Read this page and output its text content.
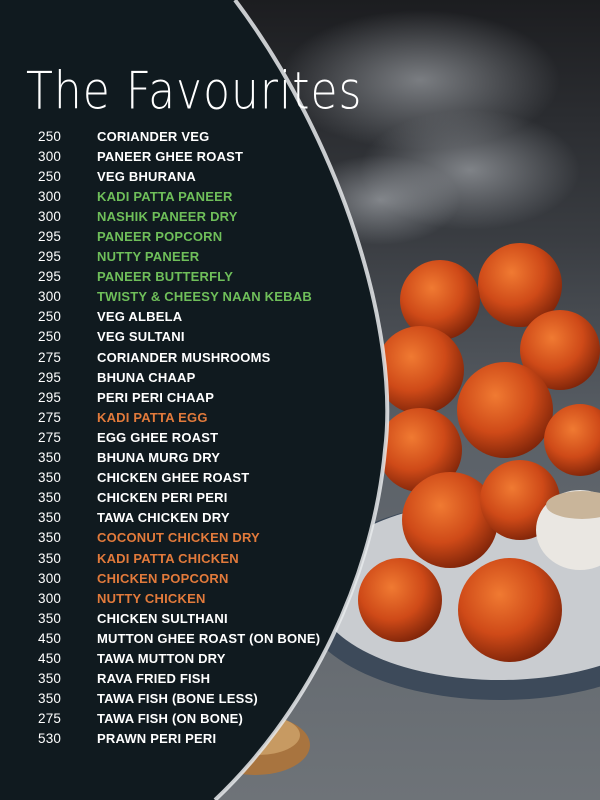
The Favourites
250	CORIANDER VEG
300	PANEER GHEE ROAST
250	VEG BHURANA
300	KADI PATTA PANEER
300	NASHIK PANEER DRY
295	PANEER POPCORN
295	NUTTY PANEER
295	PANEER BUTTERFLY
300	TWISTY & CHEESY NAAN KEBAB
250	VEG ALBELA
250	VEG SULTANI
275	CORIANDER MUSHROOMS
295	BHUNA CHAAP
295	PERI PERI CHAAP
275	KADI PATTA EGG
275	EGG GHEE ROAST
350	BHUNA MURG DRY
350	CHICKEN GHEE ROAST
350	CHICKEN PERI PERI
350	TAWA CHICKEN DRY
350	COCONUT CHICKEN DRY
350	KADI PATTA CHICKEN
300	CHICKEN POPCORN
300	NUTTY CHICKEN
350	CHICKEN SULTHANI
450	MUTTON GHEE ROAST (ON BONE)
450	TAWA MUTTON DRY
350	RAVA FRIED FISH
350	TAWA FISH (BONE LESS)
275	TAWA FISH (ON BONE)
530	PRAWN PERI PERI
